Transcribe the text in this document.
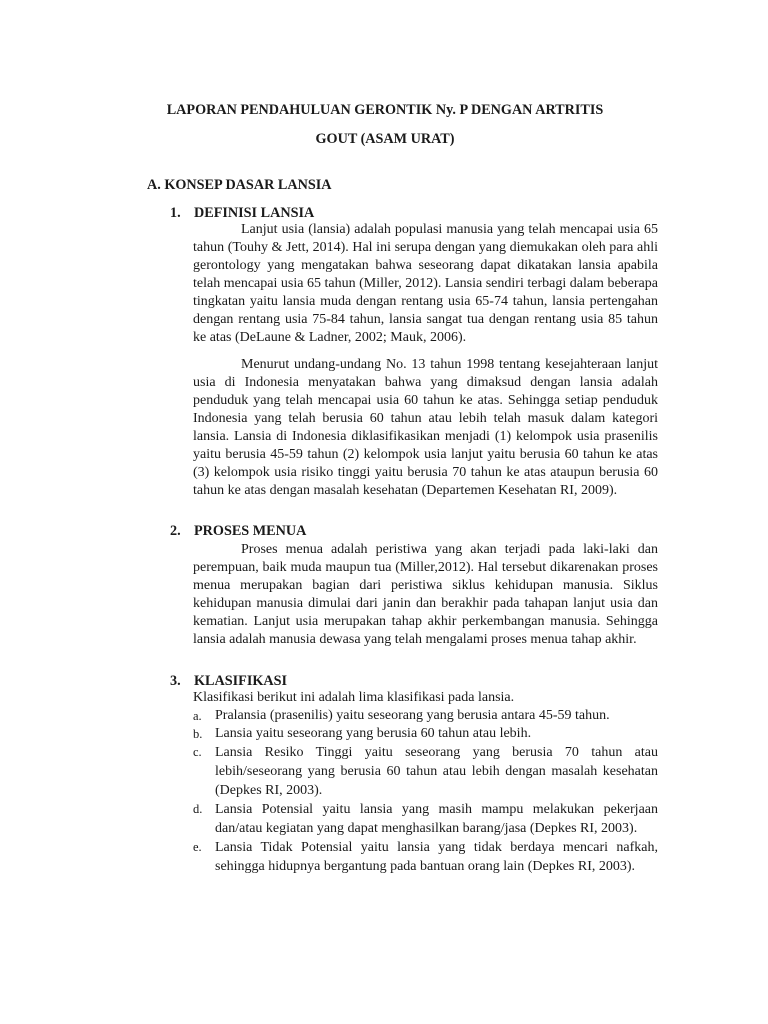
LAPORAN PENDAHULUAN GERONTIK Ny. P DENGAN ARTRITIS
GOUT (ASAM URAT)
A. KONSEP DASAR LANSIA
1. DEFINISI LANSIA

Lanjut usia (lansia) adalah populasi manusia yang telah mencapai usia 65 tahun (Touhy & Jett, 2014). Hal ini serupa dengan yang diemukakan oleh para ahli gerontology yang mengatakan bahwa seseorang dapat dikatakan lansia apabila telah mencapai usia 65 tahun (Miller, 2012). Lansia sendiri terbagi dalam beberapa tingkatan yaitu lansia muda dengan rentang usia 65-74 tahun, lansia pertengahan dengan rentang usia 75-84 tahun, lansia sangat tua dengan rentang usia 85 tahun ke atas (DeLaune & Ladner, 2002; Mauk, 2006).

Menurut undang-undang No. 13 tahun 1998 tentang kesejahteraan lanjut usia di Indonesia menyatakan bahwa yang dimaksud dengan lansia adalah penduduk yang telah mencapai usia 60 tahun ke atas. Sehingga setiap penduduk Indonesia yang telah berusia 60 tahun atau lebih telah masuk dalam kategori lansia. Lansia di Indonesia diklasifikasikan menjadi (1) kelompok usia prasenilis yaitu berusia 45-59 tahun (2) kelompok usia lanjut yaitu berusia 60 tahun ke atas (3) kelompok usia risiko tinggi yaitu berusia 70 tahun ke atas ataupun berusia 60 tahun ke atas dengan masalah kesehatan (Departemen Kesehatan RI, 2009).

2. PROSES MENUA

Proses menua adalah peristiwa yang akan terjadi pada laki-laki dan perempuan, baik muda maupun tua (Miller,2012). Hal tersebut dikarenakan proses menua merupakan bagian dari peristiwa siklus kehidupan manusia. Siklus kehidupan manusia dimulai dari janin dan berakhir pada tahapan lanjut usia dan kematian. Lanjut usia merupakan tahap akhir perkembangan manusia. Sehingga lansia adalah manusia dewasa yang telah mengalami proses menua tahap akhir.

3. KLASIFIKASI
Klasifikasi berikut ini adalah lima klasifikasi pada lansia.
a. Pralansia (prasenilis) yaitu seseorang yang berusia antara 45-59 tahun.
b. Lansia yaitu seseorang yang berusia 60 tahun atau lebih.
c. Lansia Resiko Tinggi yaitu seseorang yang berusia 70 tahun atau lebih/seseorang yang berusia 60 tahun atau lebih dengan masalah kesehatan (Depkes RI, 2003).
d. Lansia Potensial yaitu lansia yang masih mampu melakukan pekerjaan dan/atau kegiatan yang dapat menghasilkan barang/jasa (Depkes RI, 2003).
e. Lansia Tidak Potensial yaitu lansia yang tidak berdaya mencari nafkah, sehingga hidupnya bergantung pada bantuan orang lain (Depkes RI, 2003).
